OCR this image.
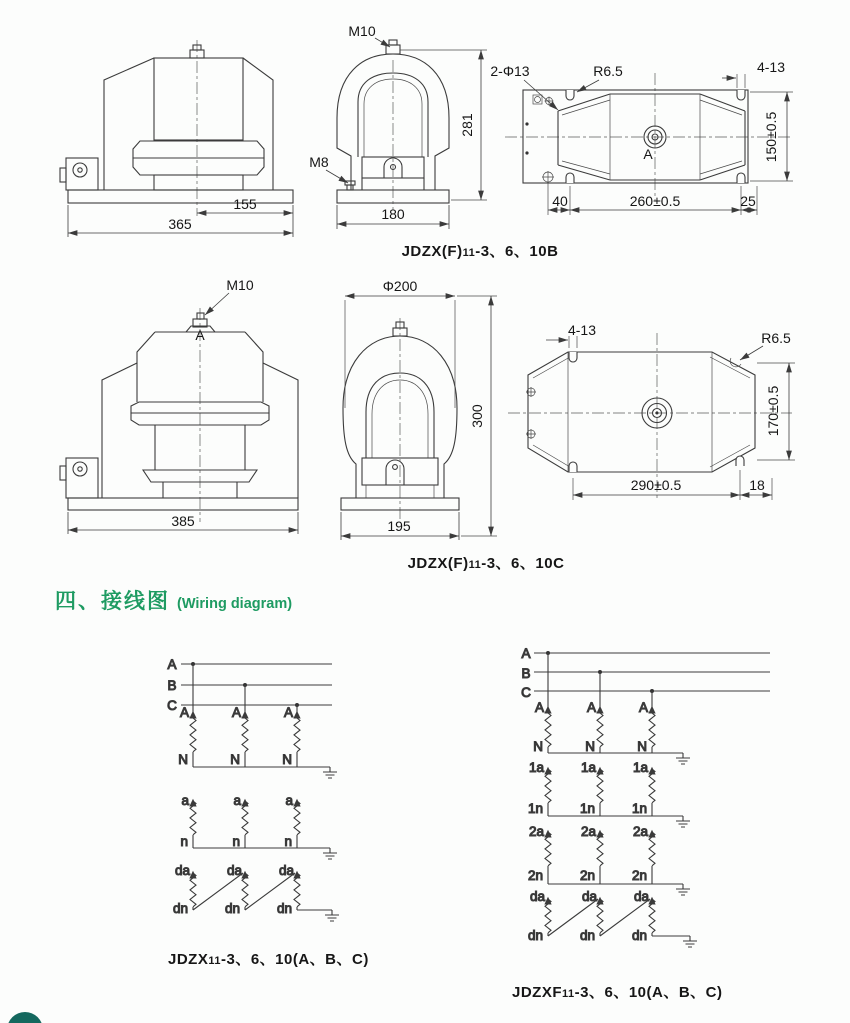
155
365
M10
M8
180
281
A
2-Φ13	R6.5	4-13
150±0.5
40	260±0.5	25
M10
A
385
Φ200
195
300
4-13	R6.5
170±0.5
290±0.5	18
A
B
C A	A	A
N	N	N
a	a	a
n	n	n
da	da	da
dn	dn	dn
A
B
C
A	A	A
N	N	N
1a	1a	1a
1n	1n	1n
2a	2a	2a
2n	2n	2n
da	da	da
dn	dn	dn
JDZX(F)11-3、6、10B
JDZX(F)11-3、6、10C
四、接线图 (Wiring diagram)
JDZX11-3、6、10(A、B、C)
JDZXF11-3、6、10(A、B、C)
